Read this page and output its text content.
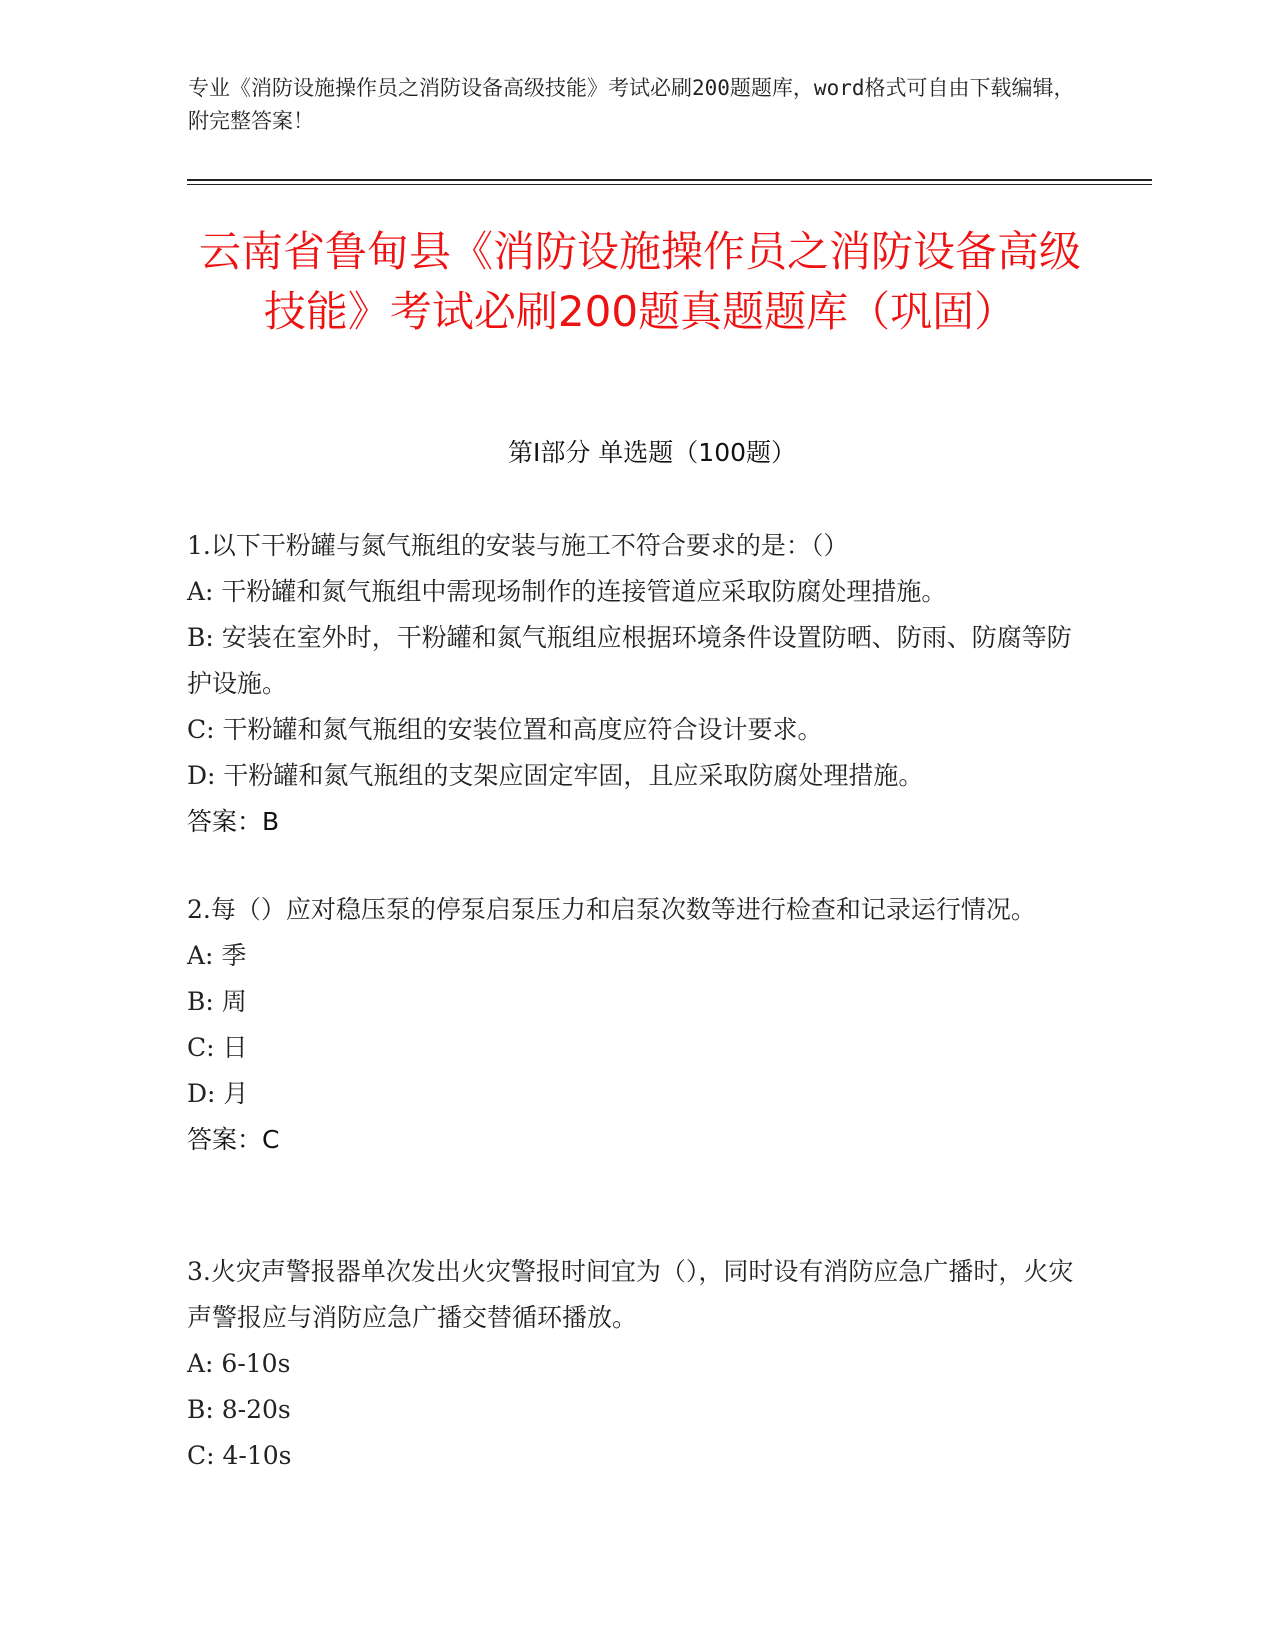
专业《消防设施操作员之消防设备高级技能》考试必刷200题题库，word格式可自由下载编辑，附完整答案！
云南省鲁甸县《消防设施操作员之消防设备高级技能》考试必刷200题真题题库（巩固）
第Ⅰ部分 单选题（100题）

1.以下干粉罐与氮气瓶组的安装与施工不符合要求的是：（）

A: 干粉罐和氮气瓶组中需现场制作的连接管道应采取防腐处理措施。

B: 安装在室外时，干粉罐和氮气瓶组应根据环境条件设置防晒、防雨、防腐等防护设施。

C: 干粉罐和氮气瓶组的安装位置和高度应符合设计要求。

D: 干粉罐和氮气瓶组的支架应固定牢固，且应采取防腐处理措施。

答案：B

2.每（）应对稳压泵的停泵启泵压力和启泵次数等进行检查和记录运行情况。

A: 季

B: 周

C: 日

D: 月

答案：C

3.火灾声警报器单次发出火灾警报时间宜为（），同时设有消防应急广播时，火灾声警报应与消防应急广播交替循环播放。

A: 6-10s

B: 8-20s

C: 4-10s
